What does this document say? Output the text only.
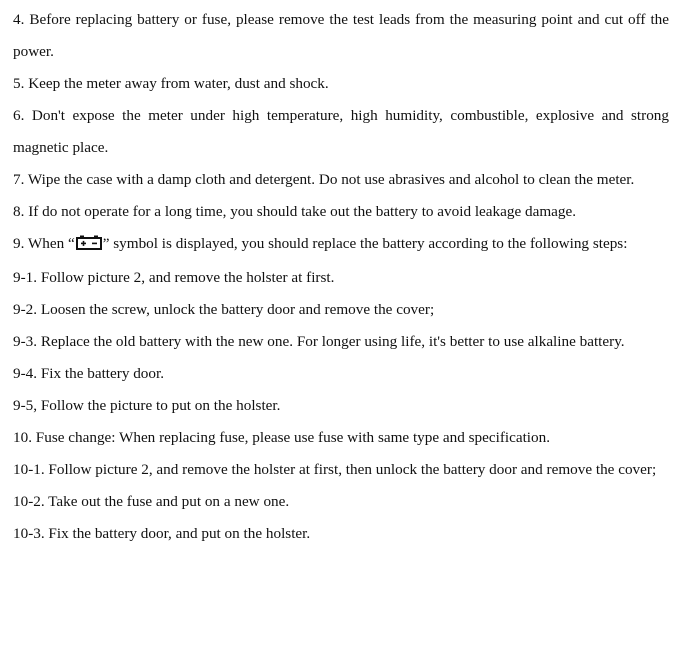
4. Before replacing battery or fuse, please remove the test leads from the measuring point and cut off the power.

5. Keep the meter away from water, dust and shock.

6. Don't expose the meter under high temperature, high humidity, combustible, explosive and strong magnetic place.

7. Wipe the case with a damp cloth and detergent. Do not use abrasives and alcohol to clean the meter.

8. If do not operate for a long time, you should take out the battery to avoid leakage damage.

9. When “ ” symbol is displayed, you should replace the battery according to the following steps:

9-1. Follow picture 2, and remove the holster at first.

9-2. Loosen the screw, unlock the battery door and remove the cover;

9-3. Replace the old battery with the new one. For longer using life, it's better to use alkaline battery.

9-4. Fix the battery door.

9-5, Follow the picture to put on the holster.

10. Fuse change: When replacing fuse, please use fuse with same type and specification.

10-1. Follow picture 2, and remove the holster at first, then unlock the battery door and remove the cover;

10-2. Take out the fuse and put on a new one.

10-3. Fix the battery door, and put on the holster.
